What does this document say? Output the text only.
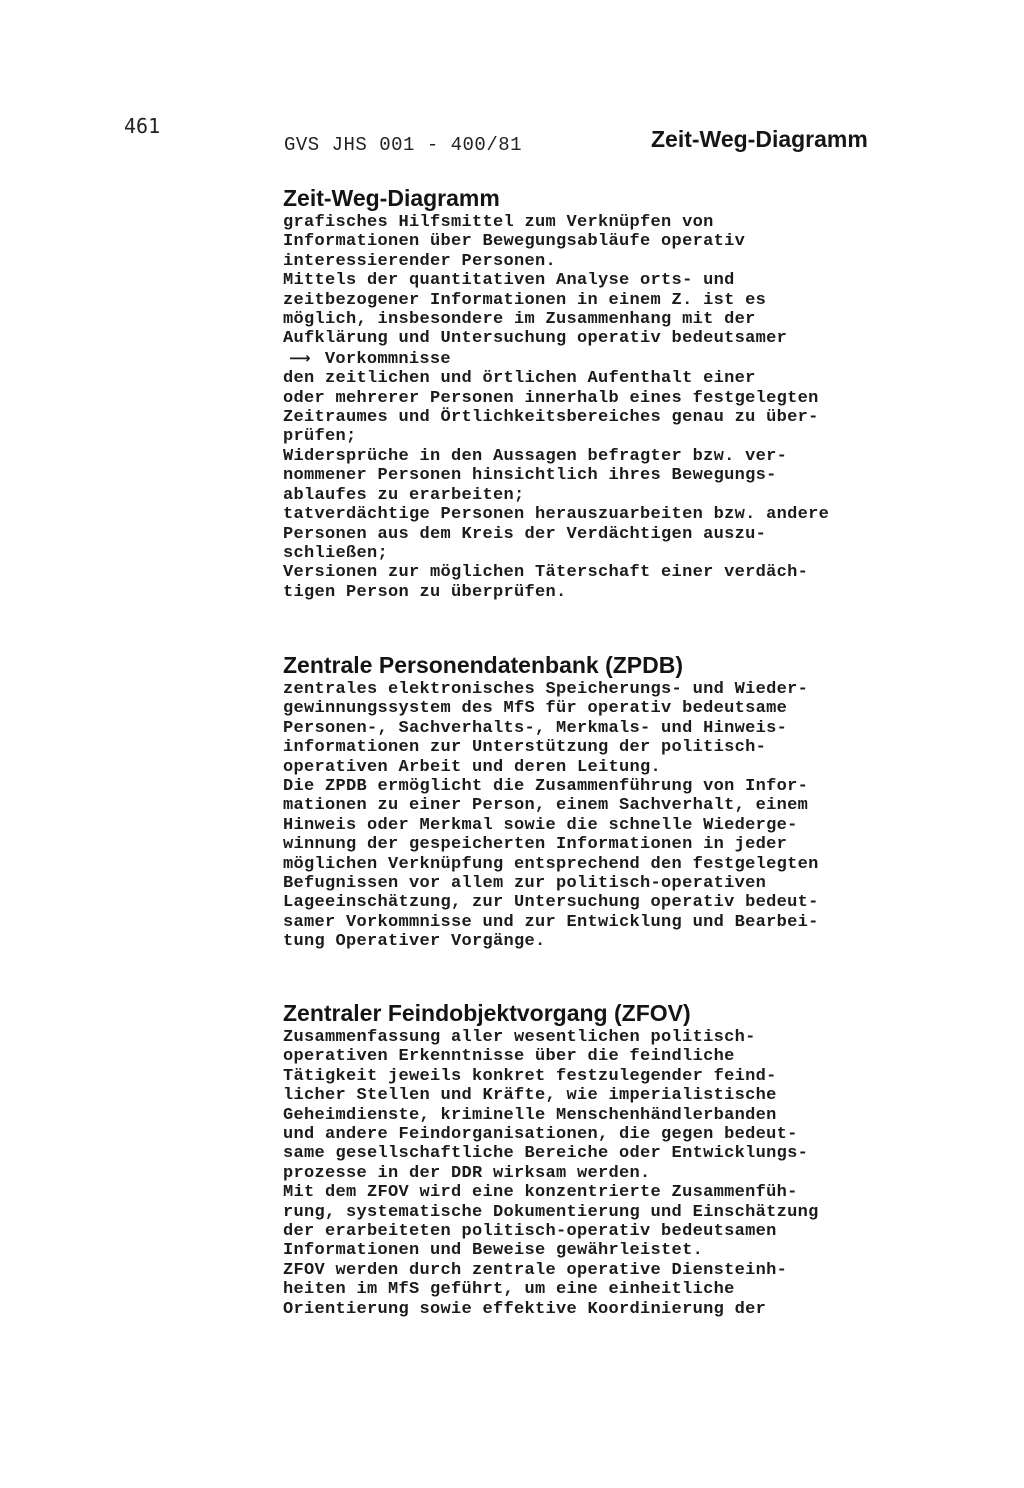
461
GVS JHS 001 - 400/81	Zeit-Weg-Diagramm
Zeit-Weg-Diagramm
grafisches Hilfsmittel zum Verknüpfen von
Informationen über Bewegungsabläufe operativ
interessierender Personen.
Mittels der quantitativen Analyse orts- und
zeitbezogener Informationen in einem Z. ist es
möglich, insbesondere im Zusammenhang mit der
Aufklärung und Untersuchung operativ bedeutsamer
⟶ Vorkommnisse
den zeitlichen und örtlichen Aufenthalt einer
oder mehrerer Personen innerhalb eines festgelegten
Zeitraumes und Örtlichkeitsbereiches genau zu über-
prüfen;
Widersprüche in den Aussagen befragter bzw. ver-
nommener Personen hinsichtlich ihres Bewegungs-
ablaufes zu erarbeiten;
tatverdächtige Personen herauszuarbeiten bzw. andere
Personen aus dem Kreis der Verdächtigen auszu-
schließen;
Versionen zur möglichen Täterschaft einer verdäch-
tigen Person zu überprüfen.
Zentrale Personendatenbank (ZPDB)
zentrales elektronisches Speicherungs- und Wieder-
gewinnungssystem des MfS für operativ bedeutsame
Personen-, Sachverhalts-, Merkmals- und Hinweis-
informationen zur Unterstützung der politisch-
operativen Arbeit und deren Leitung.
Die ZPDB ermöglicht die Zusammenführung von Infor-
mationen zu einer Person, einem Sachverhalt, einem
Hinweis oder Merkmal sowie die schnelle Wiederge-
winnung der gespeicherten Informationen in jeder
möglichen Verknüpfung entsprechend den festgelegten
Befugnissen vor allem zur politisch-operativen
Lageeinschätzung, zur Untersuchung operativ bedeut-
samer Vorkommnisse und zur Entwicklung und Bearbei-
tung Operativer Vorgänge.
Zentraler Feindobjektvorgang (ZFOV)
Zusammenfassung aller wesentlichen politisch-
operativen Erkenntnisse über die feindliche
Tätigkeit jeweils konkret festzulegender feind-
licher Stellen und Kräfte, wie imperialistische
Geheimdienste, kriminelle Menschenhändlerbanden
und andere Feindorganisationen, die gegen bedeut-
same gesellschaftliche Bereiche oder Entwicklungs-
prozesse in der DDR wirksam werden.
Mit dem ZFOV wird eine konzentrierte Zusammenfüh-
rung, systematische Dokumentierung und Einschätzung
der erarbeiteten politisch-operativ bedeutsamen
Informationen und Beweise gewährleistet.
ZFOV werden durch zentrale operative Diensteinh-
heiten im MfS geführt, um eine einheitliche
Orientierung sowie effektive Koordinierung der
